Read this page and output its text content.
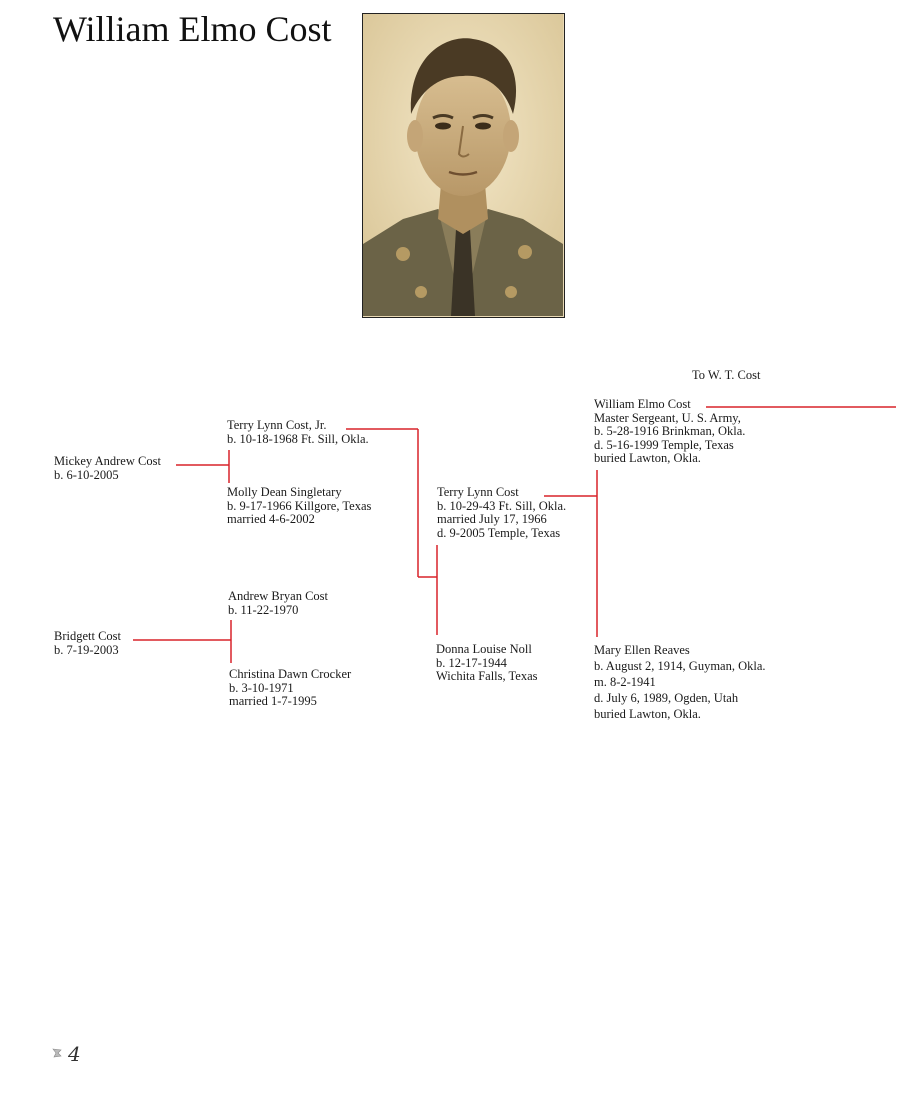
William Elmo Cost
To W. T. Cost
Mickey Andrew Cost
b. 6-10-2005
Terry Lynn Cost, Jr.
b. 10-18-1968 Ft. Sill, Okla.
Molly Dean Singletary
b. 9-17-1966 Killgore, Texas
married 4-6-2002
Bridgett Cost
b. 7-19-2003
Andrew Bryan Cost
b. 11-22-1970
Christina Dawn Crocker
b. 3-10-1971
married 1-7-1995
Terry Lynn Cost
b. 10-29-43 Ft. Sill, Okla.
married July 17, 1966
d. 9-2005 Temple, Texas
Donna Louise Noll
b. 12-17-1944
Wichita Falls, Texas
William Elmo Cost
Master Sergeant, U. S. Army,
b. 5-28-1916 Brinkman, Okla.
d. 5-16-1999 Temple, Texas
buried Lawton, Okla.
Mary Ellen Reaves
b. August 2, 1914, Guyman, Okla.
m. 8-2-1941
d. July 6, 1989, Ogden, Utah
buried Lawton, Okla.
4
